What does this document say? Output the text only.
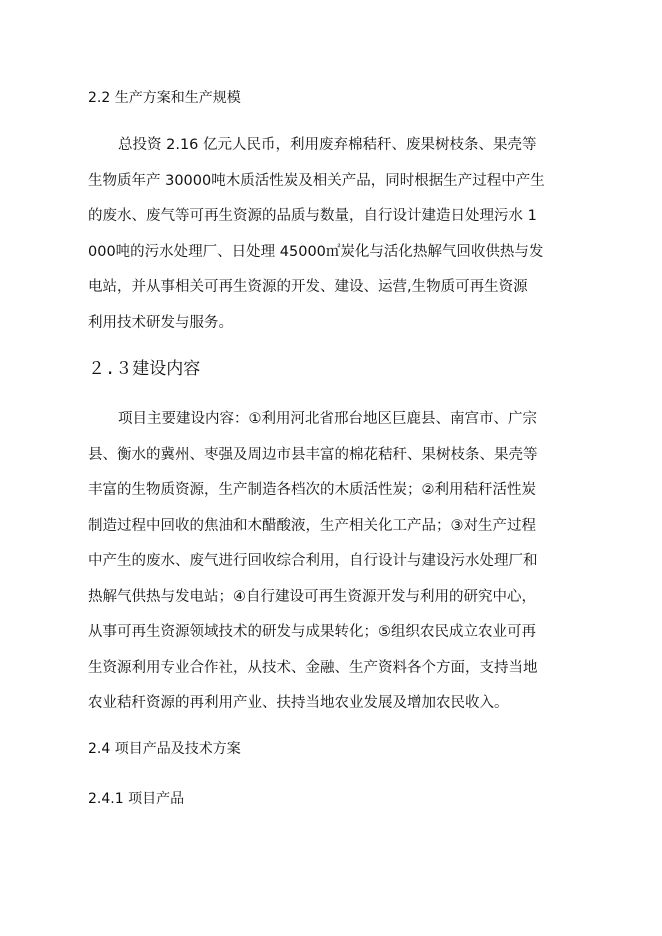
2.2 生产方案和生产规模
总投资 2.16 亿元人民币，利用废弃棉秸秆、废果树枝条、果壳等
生物质年产 30000吨木质活性炭及相关产品，同时根据生产过程中产生
的废水、废气等可再生资源的品质与数量，自行设计建造日处理污水 1
000吨的污水处理厂、日处理 45000㎡炭化与活化热解气回收供热与发
电站，并从事相关可再生资源的开发、建设、运营,生物质可再生资源
利用技术研发与服务。
２.３建设内容
项目主要建设内容：①利用河北省邢台地区巨鹿县、南宫市、广宗
县、衡水的冀州、枣强及周边市县丰富的棉花秸秆、果树枝条、果壳等
丰富的生物质资源，生产制造各档次的木质活性炭；②利用秸秆活性炭
制造过程中回收的焦油和木醋酸液，生产相关化工产品；③对生产过程
中产生的废水、废气进行回收综合利用，自行设计与建设污水处理厂和
热解气供热与发电站；④自行建设可再生资源开发与利用的研究中心，
从事可再生资源领域技术的研发与成果转化；⑤组织农民成立农业可再
生资源利用专业合作社，从技术、金融、生产资料各个方面，支持当地
农业秸秆资源的再利用产业、扶持当地农业发展及增加农民收入。
2.4 项目产品及技术方案
2.4.1 项目产品
